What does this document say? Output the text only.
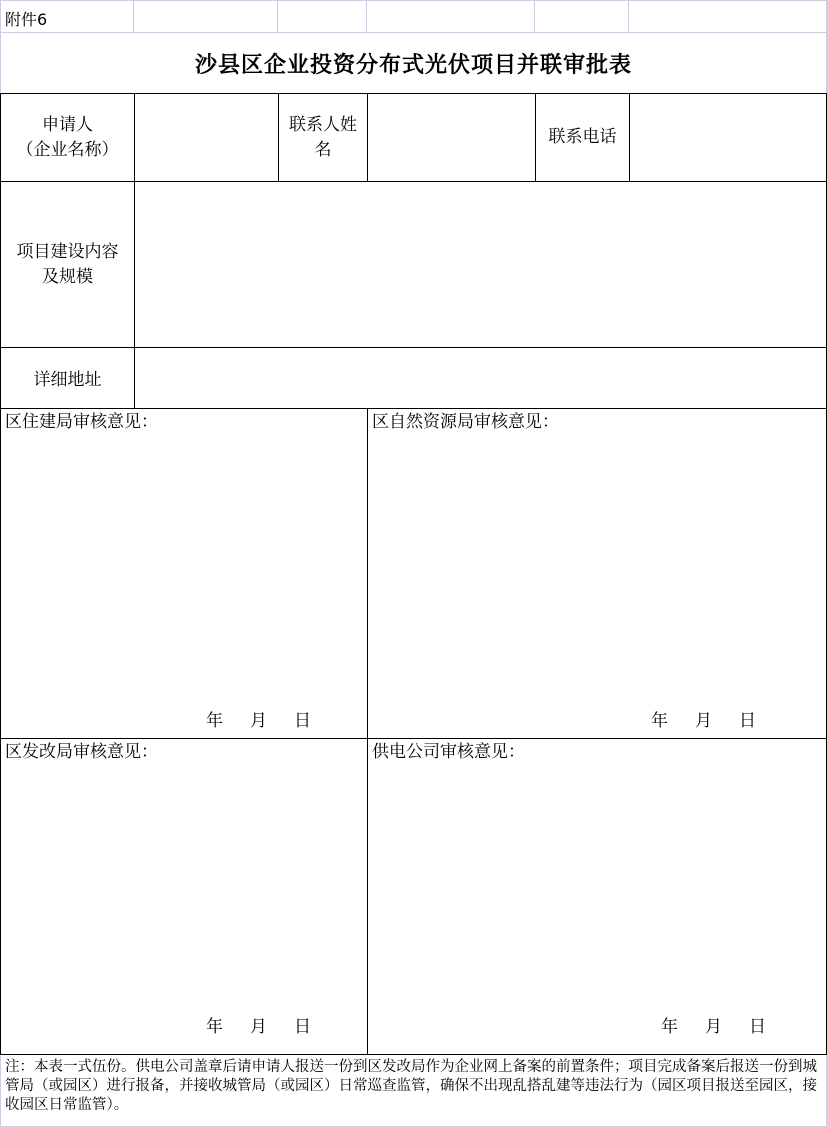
附件6
沙县区企业投资分布式光伏项目并联审批表
申请人
（企业名称）
联系人姓
名
联系电话
项目建设内容
及规模
详细地址
区住建局审核意见：
年     月     日
区自然资源局审核意见：
年     月     日
区发改局审核意见：
年     月     日
供电公司审核意见：
年     月     日
注：本表一式伍份。供电公司盖章后请申请人报送一份到区发改局作为企业网上备案的前置条件；项目完成备案后报送一份到城管局（或园区）进行报备，并接收城管局（或园区）日常巡查监管，确保不出现乱搭乱建等违法行为（园区项目报送至园区，接收园区日常监管）。
